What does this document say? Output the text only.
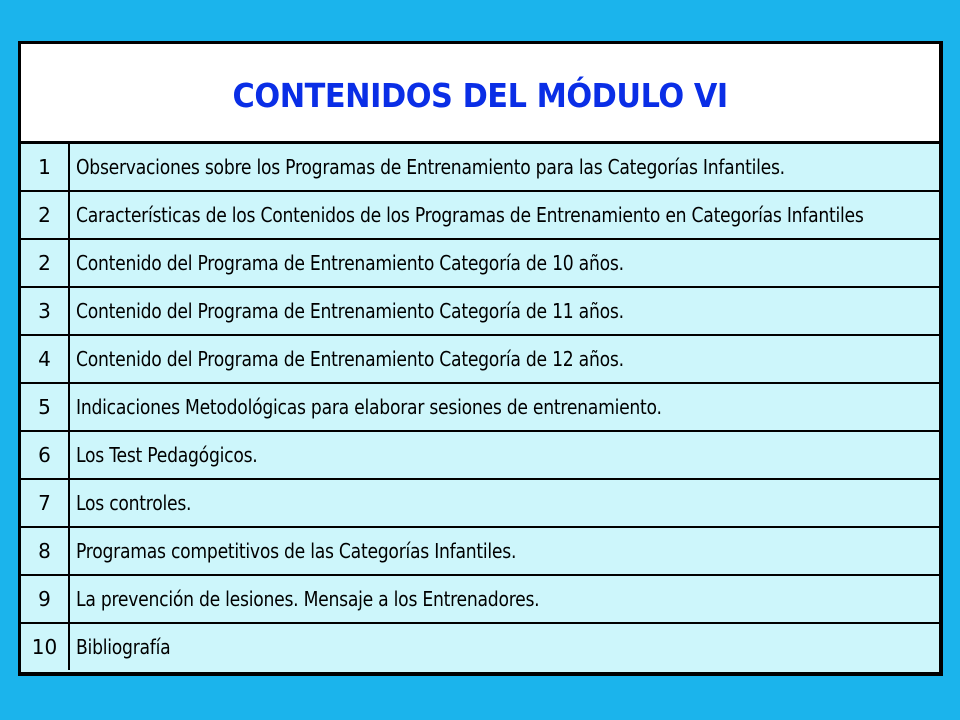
CONTENIDOS DEL MÓDULO VI
1	Observaciones sobre los Programas de Entrenamiento para las Categorías Infantiles.
2	Características de los Contenidos de los Programas de Entrenamiento en Categorías Infantiles
2	Contenido del Programa de Entrenamiento Categoría de 10 años.
3	Contenido del Programa de Entrenamiento Categoría de 11 años.
4	Contenido del Programa de Entrenamiento Categoría de 12 años.
5	Indicaciones Metodológicas para elaborar sesiones de entrenamiento.
6	Los Test Pedagógicos.
7	Los controles.
8	Programas competitivos de las Categorías Infantiles.
9	La prevención de lesiones. Mensaje a los Entrenadores.
10 Bibliografía
